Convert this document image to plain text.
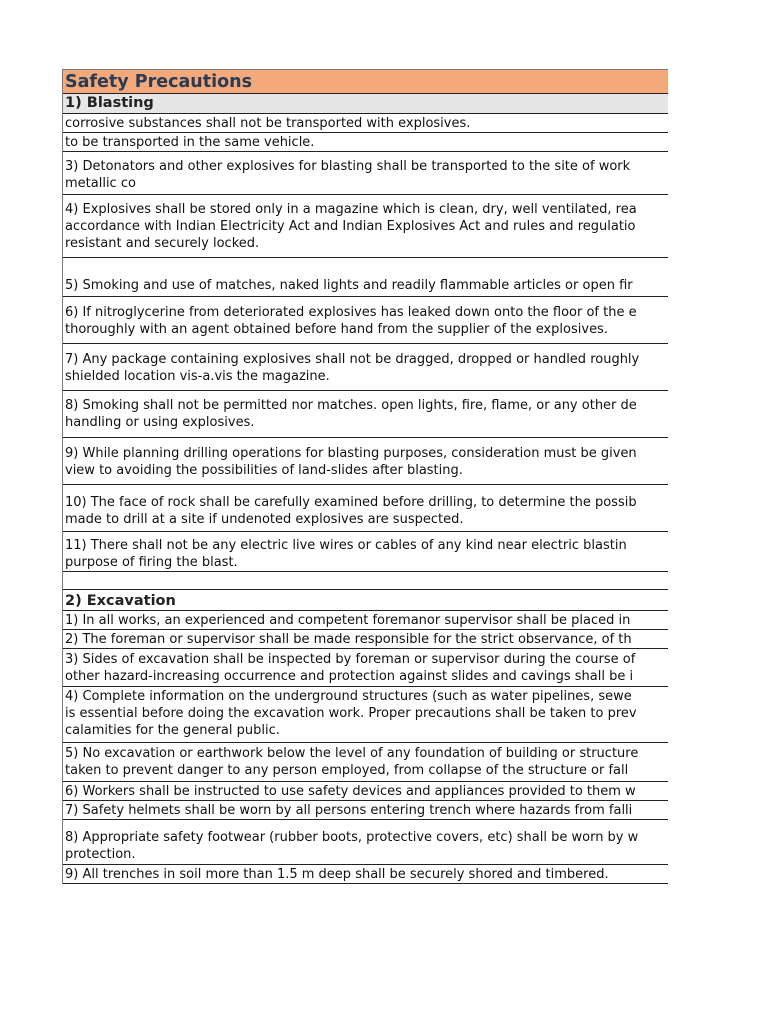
Safety Precautions
1) Blasting
corrosive substances shall not be transported with explosives.
to be transported in the same vehicle.
3) Detonators and other explosives for blasting shall be transported to the site of work
metallic co
4) Explosives shall be stored only in a magazine which is clean, dry, well ventilated, rea
accordance with Indian Electricity Act and Indian Explosives Act and rules and regulatio
resistant and securely locked.
5) Smoking and use of matches, naked lights and readily flammable articles or open fir
6) If nitroglycerine from deteriorated explosives has leaked down onto the floor of the e
thoroughly with an agent obtained before hand from the supplier of the explosives.
7) Any package containing explosives shall not be dragged, dropped or handled roughly
shielded location vis-a.vis the magazine.
8) Smoking shall not be permitted nor matches. open lights, fire, flame, or any other de
handling or using explosives.
9) While planning drilling operations for blasting purposes, consideration must be given
view to avoiding the possibilities of land-slides after blasting.
10) The face of rock shall be carefully examined before drilling, to determine the possib
made to drill at a site if undenoted explosives are suspected.
11) There shall not be any electric live wires or cables of any kind near electric blastin
purpose of firing the blast.
2) Excavation
1) In all works, an experienced and competent foremanor supervisor shall be placed in
2) The foreman or supervisor shall be made responsible for the strict observance, of th
3) Sides of excavation shall be inspected by foreman or supervisor during the course of
other hazard-increasing occurrence and protection against slides and cavings shall be i
4) Complete information on the underground structures (such as water pipelines, sewe
is essential before doing the excavation work. Proper precautions shall be taken to prev
calamities for the general public.
5) No excavation or earthwork below the level of any foundation of building or structure
taken to prevent danger to any person employed, from collapse of the structure or fall
6) Workers shall be instructed to use safety devices and appliances provided to them w
7) Safety helmets shall be worn by all persons entering trench where hazards from falli
8) Appropriate safety footwear (rubber boots, protective covers, etc) shall be worn by w
protection.
9) All trenches in soil more than 1.5 m deep shall be securely shored and timbered.
